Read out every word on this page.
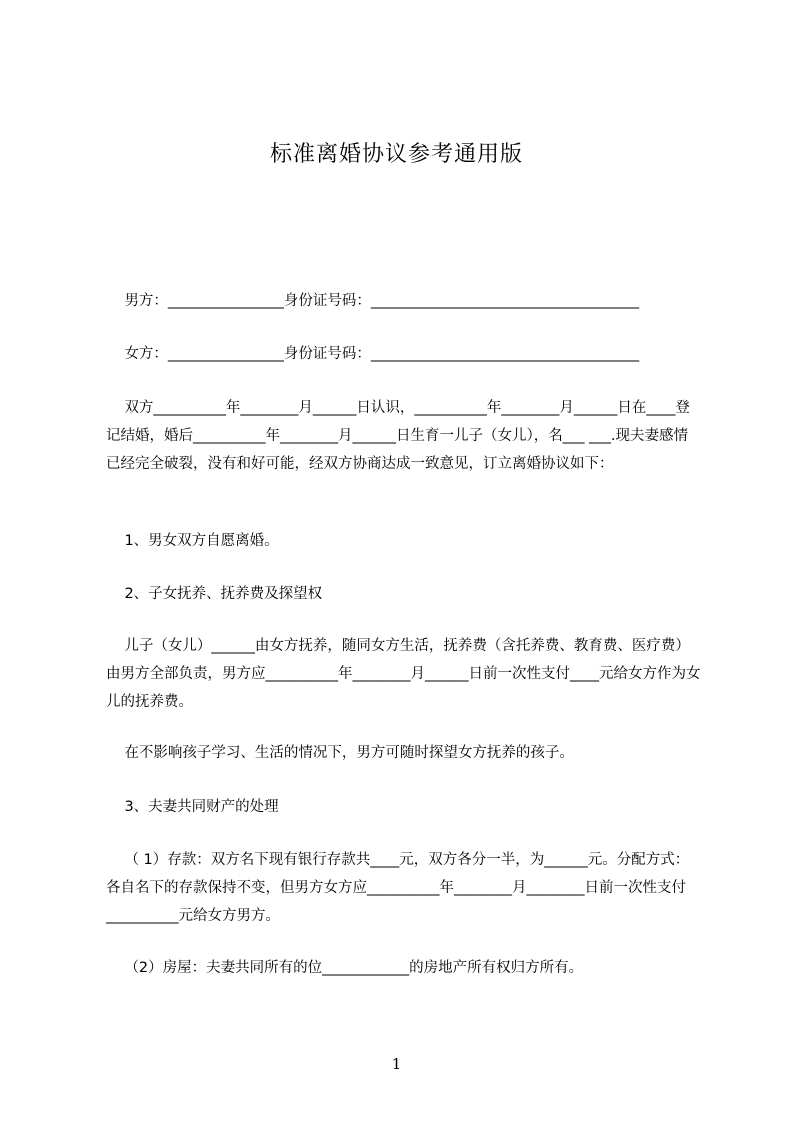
标准离婚协议参考通用版
男方：________________身份证号码：_____________________________________
女方：________________身份证号码：_____________________________________
双方__________年________月______日认识，__________年________月______日在____登记结婚，婚后__________年________月______日生育一儿子（女儿），名___ ___.现夫妻感情已经完全破裂，没有和好可能，经双方协商达成一致意见，订立离婚协议如下：
1、男女双方自愿离婚。
2、子女抚养、抚养费及探望权
儿子（女儿）______由女方抚养，随同女方生活，抚养费（含托养费、教育费、医疗费）由男方全部负责，男方应__________年________月______日前一次性支付____元给女方作为女儿的抚养费。
在不影响孩子学习、生活的情况下，男方可随时探望女方抚养的孩子。
3、夫妻共同财产的处理
（ 1）存款：双方名下现有银行存款共____元，双方各分一半，为______元。分配方式：各自名下的存款保持不变，但男方女方应__________年________月________日前一次性支付__________元给女方男方。
（2）房屋：夫妻共同所有的位____________的房地产所有权归方所有。
1
